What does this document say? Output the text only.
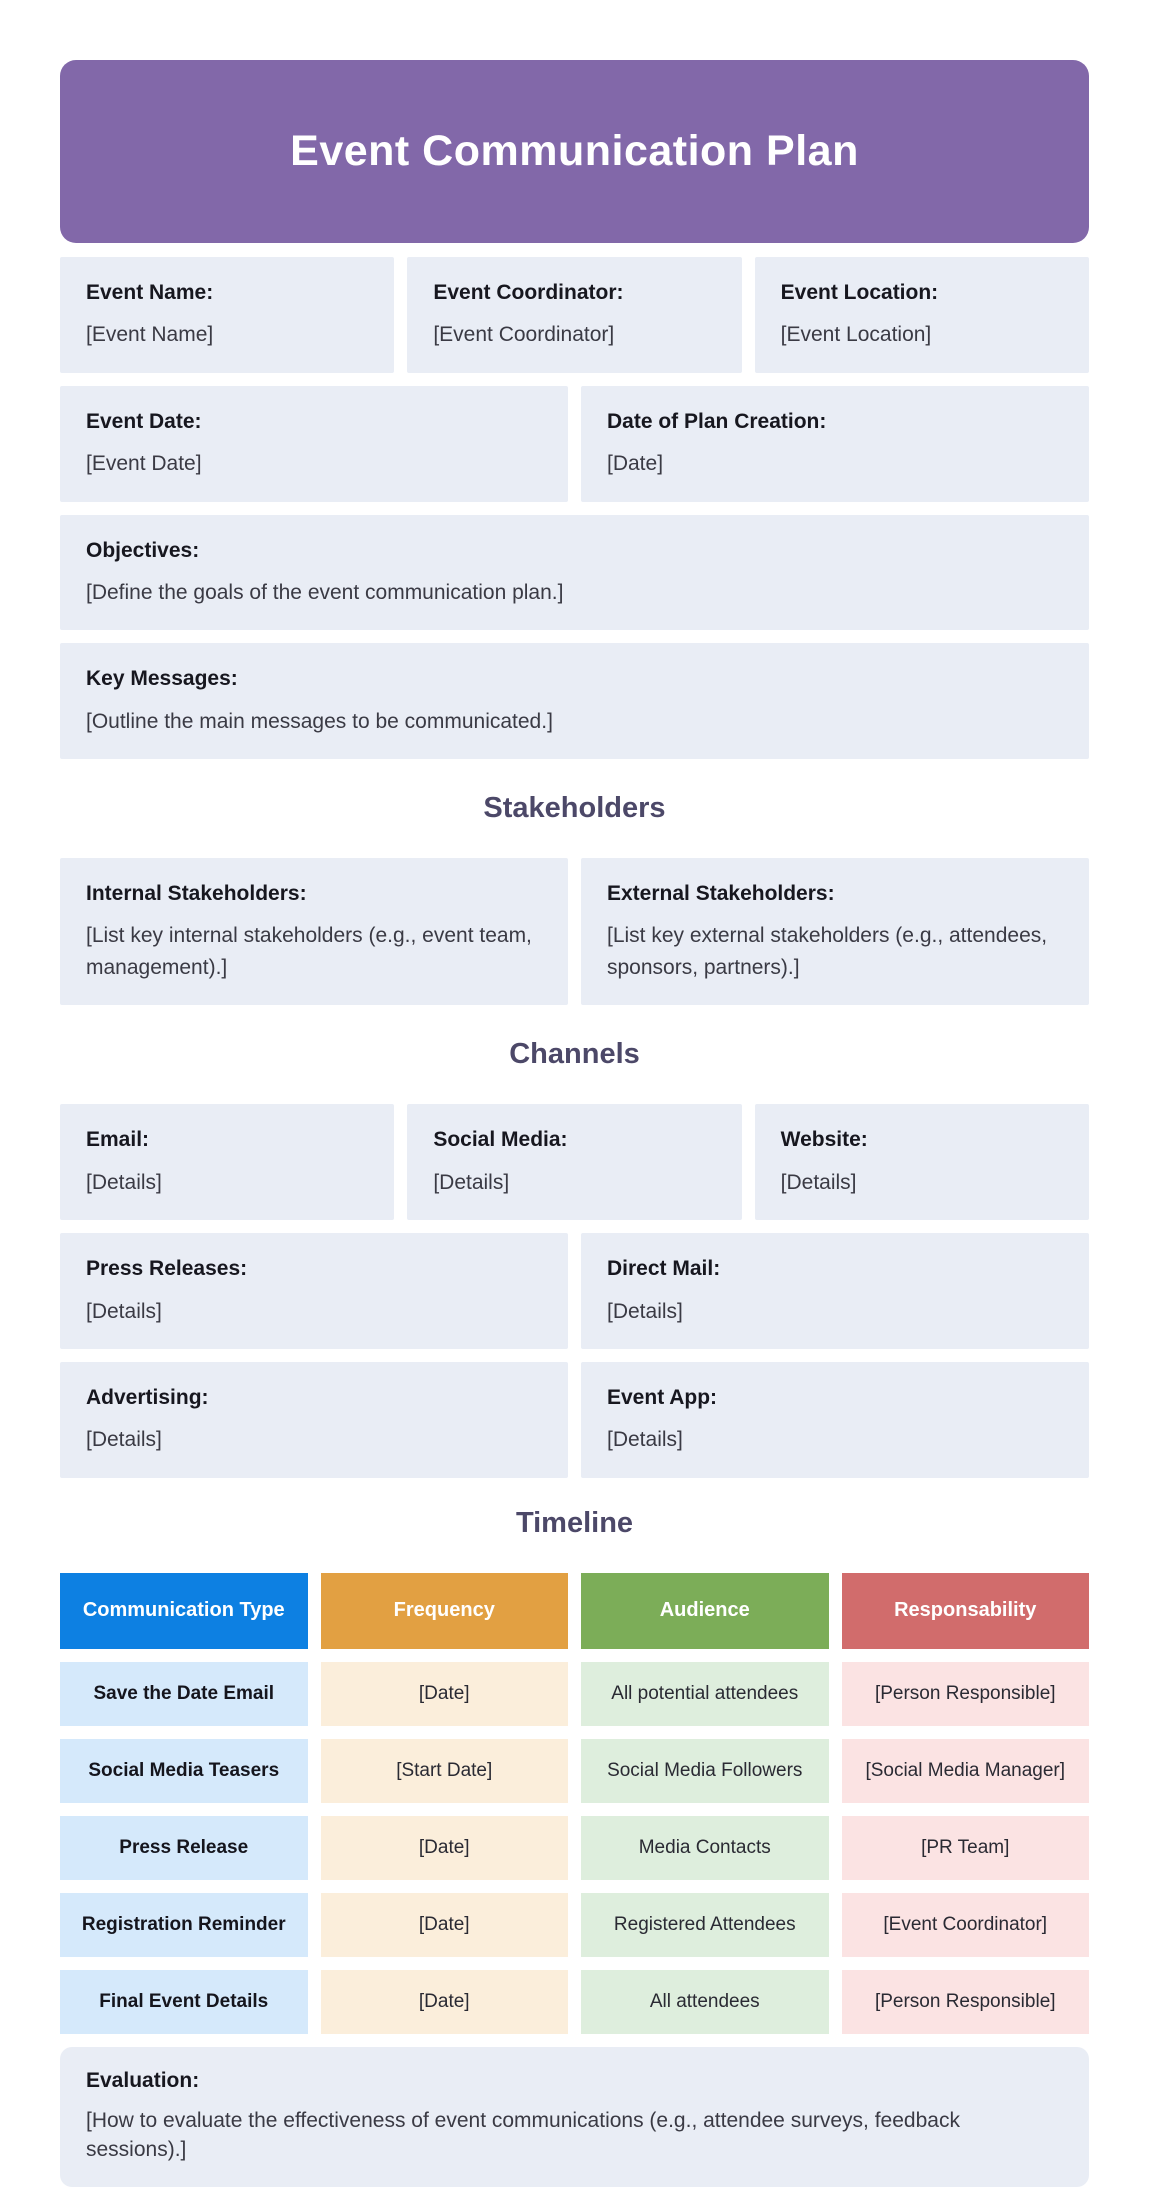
Event Communication Plan

Event Name:

[Event Name]

Event Coordinator:

[Event Coordinator]

Event Location:

[Event Location]

Event Date:

[Event Date]

Date of Plan Creation:

[Date]

Objectives:

[Define the goals of the event communication plan.]

Key Messages:

[Outline the main messages to be communicated.]

Stakeholders

Internal Stakeholders:

[List key internal stakeholders (e.g., event team, management).]

External Stakeholders:

[List key external stakeholders (e.g., attendees, sponsors, partners).]

Channels

Email:

[Details]

Social Media:

[Details]

Website:

[Details]

Press Releases:

[Details]

Direct Mail:

[Details]

Advertising:

[Details]

Event App:

[Details]

Timeline
Communication Type	Frequency	Audience	Responsability
Save the Date Email	[Date]	All potential attendees	[Person Responsible]
Social Media Teasers	[Start Date]	Social Media Followers	[Social Media Manager]
Press Release	[Date]	Media Contacts	[PR Team]
Registration Reminder	[Date]	Registered Attendees	[Event Coordinator]
Final Event Details	[Date]	All attendees	[Person Responsible]

Evaluation:

[How to evaluate the effectiveness of event communications (e.g., attendee surveys, feedback sessions).]
